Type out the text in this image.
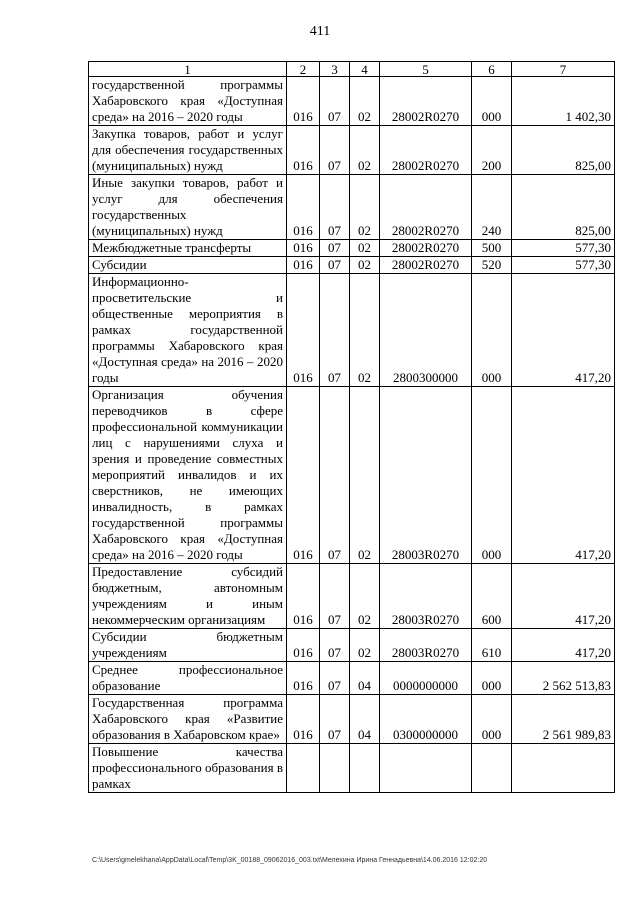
411
1	2	3	4	5	6	7
государственной программы Хабаровского края «Доступная среда» на 2016 – 2020 годы	016	07	02	28002R0270	000	1 402,30
Закупка товаров, работ и услуг для обеспечения государственных (муниципальных) нужд	016	07	02	28002R0270	200	825,00
Иные закупки товаров, работ и услуг для обеспечения государственных (муниципальных) нужд	016	07	02	28002R0270	240	825,00
Межбюджетные трансферты	016	07	02	28002R0270	500	577,30
Субсидии	016	07	02	28002R0270	520	577,30
Информационно-просветительские и общественные мероприятия в рамках государственной программы Хабаровского края «Доступная среда» на 2016 – 2020 годы	016	07	02	2800300000	000	417,20
Организация обучения переводчиков в сфере профессиональной коммуникации лиц с нарушениями слуха и зрения и проведение совместных мероприятий инвалидов и их сверстников, не имеющих инвалидность, в рамках государственной программы Хабаровского края «Доступная среда» на 2016 – 2020 годы	016	07	02	28003R0270	000	417,20
Предоставление субсидий бюджетным, автономным учреждениям и иным некоммерческим организациям	016	07	02	28003R0270	600	417,20
Субсидии бюджетным учреждениям	016	07	02	28003R0270	610	417,20
Среднее профессиональное образование	016	07	04	0000000000	000	2 562 513,83
Государственная программа Хабаровского края «Развитие образования в Хабаровском крае»	016	07	04	0300000000	000	2 561 989,83
Повышение качества профессионального образования в рамках						
C:\Users\gmelekhana\AppData\Local\Temp\3K_00188_09062016_003.txt\Мелехина Ирина Геннадьевна\14.06.2016 12:02:20
